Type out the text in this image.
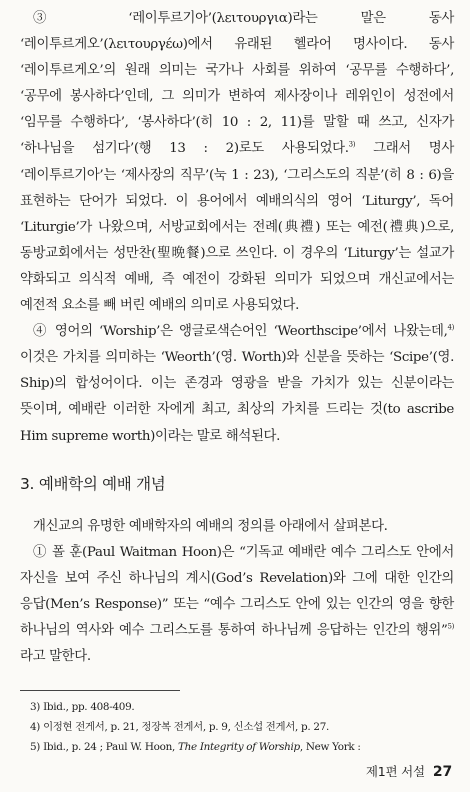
③ ‘레이투르기아’(λειτουργια)라는 말은 동사 ‘레이투르게오’(λειτουργέω)에서 유래된 헬라어 명사이다. 동사 ‘레이투르게오’의 원래 의미는 국가나 사회를 위하여 ‘공무를 수행하다’, ‘공무에 봉사하다’인데, 그 의미가 변하여 제사장이나 레위인이 성전에서 ‘임무를 수행하다’, ‘봉사하다’(히 10 : 2, 11)를 말할 때 쓰고, 신자가 ‘하나님을 섬기다’(행 13 : 2)로도 사용되었다.$^{3)}$ 그래서 명사 ‘레이투르기아’는 ‘제사장의 직무’(눅 1 : 23), ‘그리스도의 직분’(히 8 : 6)을 표현하는 단어가 되었다. 이 용어에서 예배의식의 영어 ‘Liturgy’, 독어 ‘Liturgie’가 나왔으며, 서방교회에서는 전례(典禮) 또는 예전(禮典)으로, 동방교회에서는 성만찬(聖晩餐)으로 쓰인다. 이 경우의 ‘Liturgy’는 설교가 약화되고 의식적 예배, 즉 예전이 강화된 의미가 되었으며 개신교에서는 예전적 요소를 빼 버린 예배의 의미로 사용되었다.

④ 영어의 ‘Worship’은 앵글로색슨어인 ‘Weorthscipe’에서 나왔는데,$^{4)}$ 이것은 가치를 의미하는 ‘Weorth’(영. Worth)와 신분을 뜻하는 ‘Scipe’(영. Ship)의 합성어이다. 이는 존경과 영광을 받을 가치가 있는 신분이라는 뜻이며, 예배란 이러한 자에게 최고, 최상의 가치를 드리는 것(to ascribe Him supreme worth)이라는 말로 해석된다.

3. 예배학의 예배 개념

개신교의 유명한 예배학자의 예배의 정의를 아래에서 살펴본다.

① 폴 훈(Paul Waitman Hoon)은 “기독교 예배란 예수 그리스도 안에서 자신을 보여 주신 하나님의 계시(God’s Revelation)와 그에 대한 인간의 응답(Men’s Response)” 또는 “예수 그리스도 안에 있는 인간의 영을 향한 하나님의 역사와 예수 그리스도를 통하여 하나님께 응답하는 인간의 행위”$^{5)}$라고 말한다.

3) Ibid., pp. 408-409.

4) 이정현 전게서, p. 21, 정장복 전게서, p. 9, 신소섭 전게서, p. 27.

5) Ibid., p. 24 ; Paul W. Hoon, The Integrity of Worship, New York :

제1편 서설 27
